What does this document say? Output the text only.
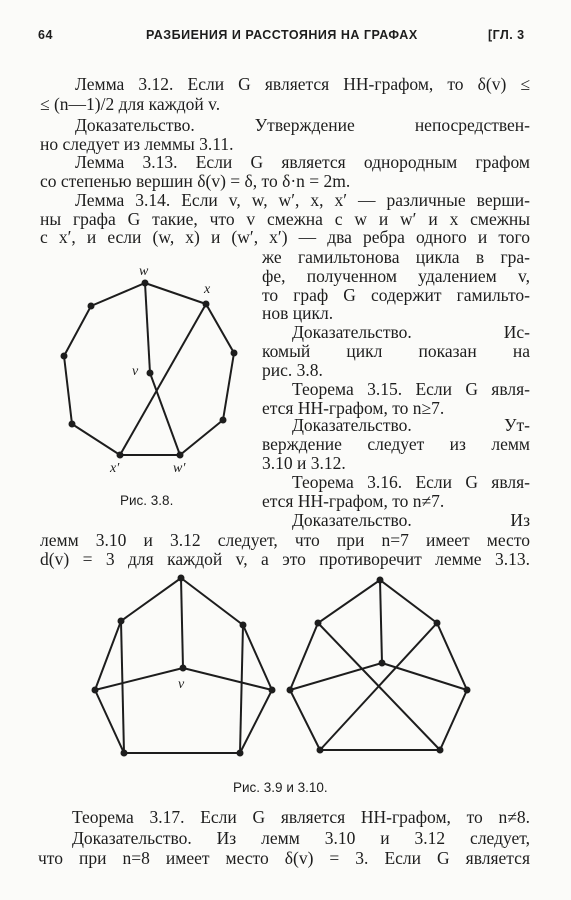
64	РАЗБИЕНИЯ И РАССТОЯНИЯ НА ГРАФАХ	[ГЛ. 3
Лемма 3.12. Если G является НН-графом, то δ(v) ≤
≤ (n—1)/2 для каждой v.
Доказательство. Утверждение непосредствен-
но следует из леммы 3.11.
Лемма 3.13. Если G является однородным графом
со степенью вершин δ(v) = δ, то δ·n = 2m.
Лемма 3.14. Если v, w, w′, x, x′ — различные верши-
ны графа G такие, что v смежна с w и w′ и x смежны
с x′, и если (w, x) и (w′, x′) — два ребра одного и того
же гамильтонова цикла в гра-
фе, полученном удалением v,
то граф G содержит гамильто-
нов цикл.
Доказательство. Ис-
комый цикл показан на
рис. 3.8.
Теорема 3.15. Если G явля-
ется НН-графом, то n≥7.
Доказательство. Ут-
верждение следует из лемм
3.10 и 3.12.
Теорема 3.16. Если G явля-
ется НН-графом, то n≠7.
Доказательство. Из
лемм 3.10 и 3.12 следует, что при n=7 имеет место
d(v) = 3 для каждой v, а это противоречит лемме 3.13.
Теорема 3.17. Если G является НН-графом, то n≠8.
Доказательство. Из лемм 3.10 и 3.12 следует,
что при n=8 имеет место δ(v) = 3. Если G является
w
x
v
x′	w′
v
Рис. 3.8.
Рис. 3.9 и 3.10.
